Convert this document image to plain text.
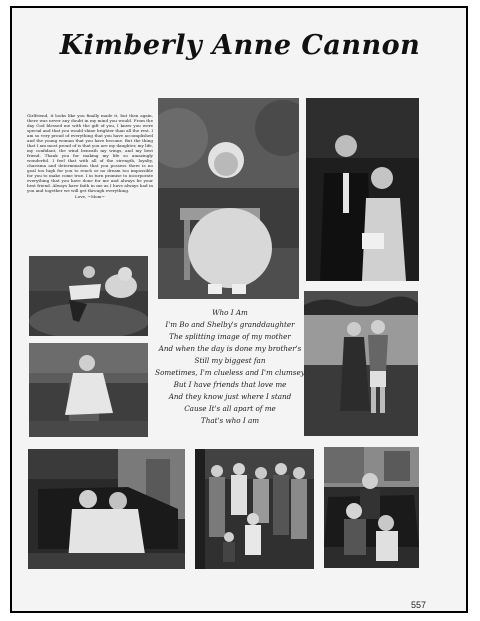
Kimberly Anne Cannon
Girlfriend, it looks like you finally made it, but then again, there was never any doubt in my mind you would. From the day God blessed me with the gift of you, I knew you were special and that you would shine brighter than all the rest. I am so very proud of everything that you have accomplished and the young woman that you have become. But the thing that I am most proud of is that you are my daughter, my life, my confidant, the wind beneath my wings, and my best friend. Thank you for making my life so amazingly wonderful. I feel that with all of the strength, loyalty, charisma and determination that you possess there is no goal too high for you to reach or no dream too impossible for you to make come true. I in turn promise to incorporate everything that you have done for me and always be your best friend. Always have faith in me as I have always had in you and together we will get through everything.
Love, ~Mom~
Who I Am
I'm Bo and Shelby's granddaughter
The splitting image of my mother
And when the day is done my brother's
Still my biggest fan
Sometimes, I'm clueless and I'm clumsey
But I have friends that love me
And they know just where I stand
Cause It's all apart of me
That's who I am
557
